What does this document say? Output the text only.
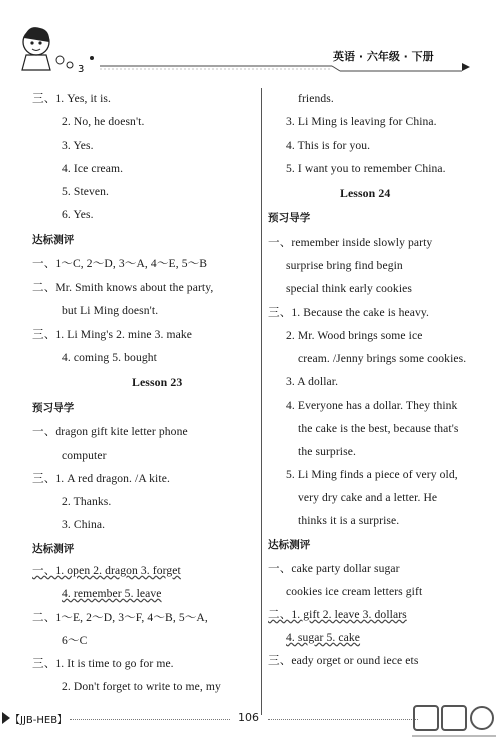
3
英语 · 六年级 · 下册
三、1. Yes, it is.
2. No, he doesn't.
3. Yes.
4. Ice cream.
5. Steven.
6. Yes.
达标测评
一、1～C, 2～D, 3～A, 4～E, 5～B
二、Mr. Smith knows about the party,
but Li Ming doesn't.
三、1. Li Ming's 2. mine 3. make
4. coming 5. bought
Lesson 23
预习导学
一、dragon gift kite letter phone
computer
三、1. A red dragon. /A kite.
2. Thanks.
3. China.
达标测评
一、1. open 2. dragon 3. forget
4. remember 5. leave
二、1～E, 2～D, 3～F, 4～B, 5～A,
6～C
三、1. It is time to go for me.
2. Don't forget to write to me, my
friends.
3. Li Ming is leaving for China.
4. This is for you.
5. I want you to remember China.
Lesson 24
预习导学
一、remember inside slowly party
surprise bring find begin
special think early cookies
三、1. Because the cake is heavy.
2. Mr. Wood brings some ice
cream. /Jenny brings some cookies.
3. A dollar.
4. Everyone has a dollar. They think
the cake is the best, because that's
the surprise.
5. Li Ming finds a piece of very old,
very dry cake and a letter. He
thinks it is a surprise.
达标测评
一、cake party dollar sugar
cookies ice cream letters gift
二、1. gift 2. leave 3. dollars
4. sugar 5. cake
三、eady orget or ound iece ets
【JJB-HEB】	106
